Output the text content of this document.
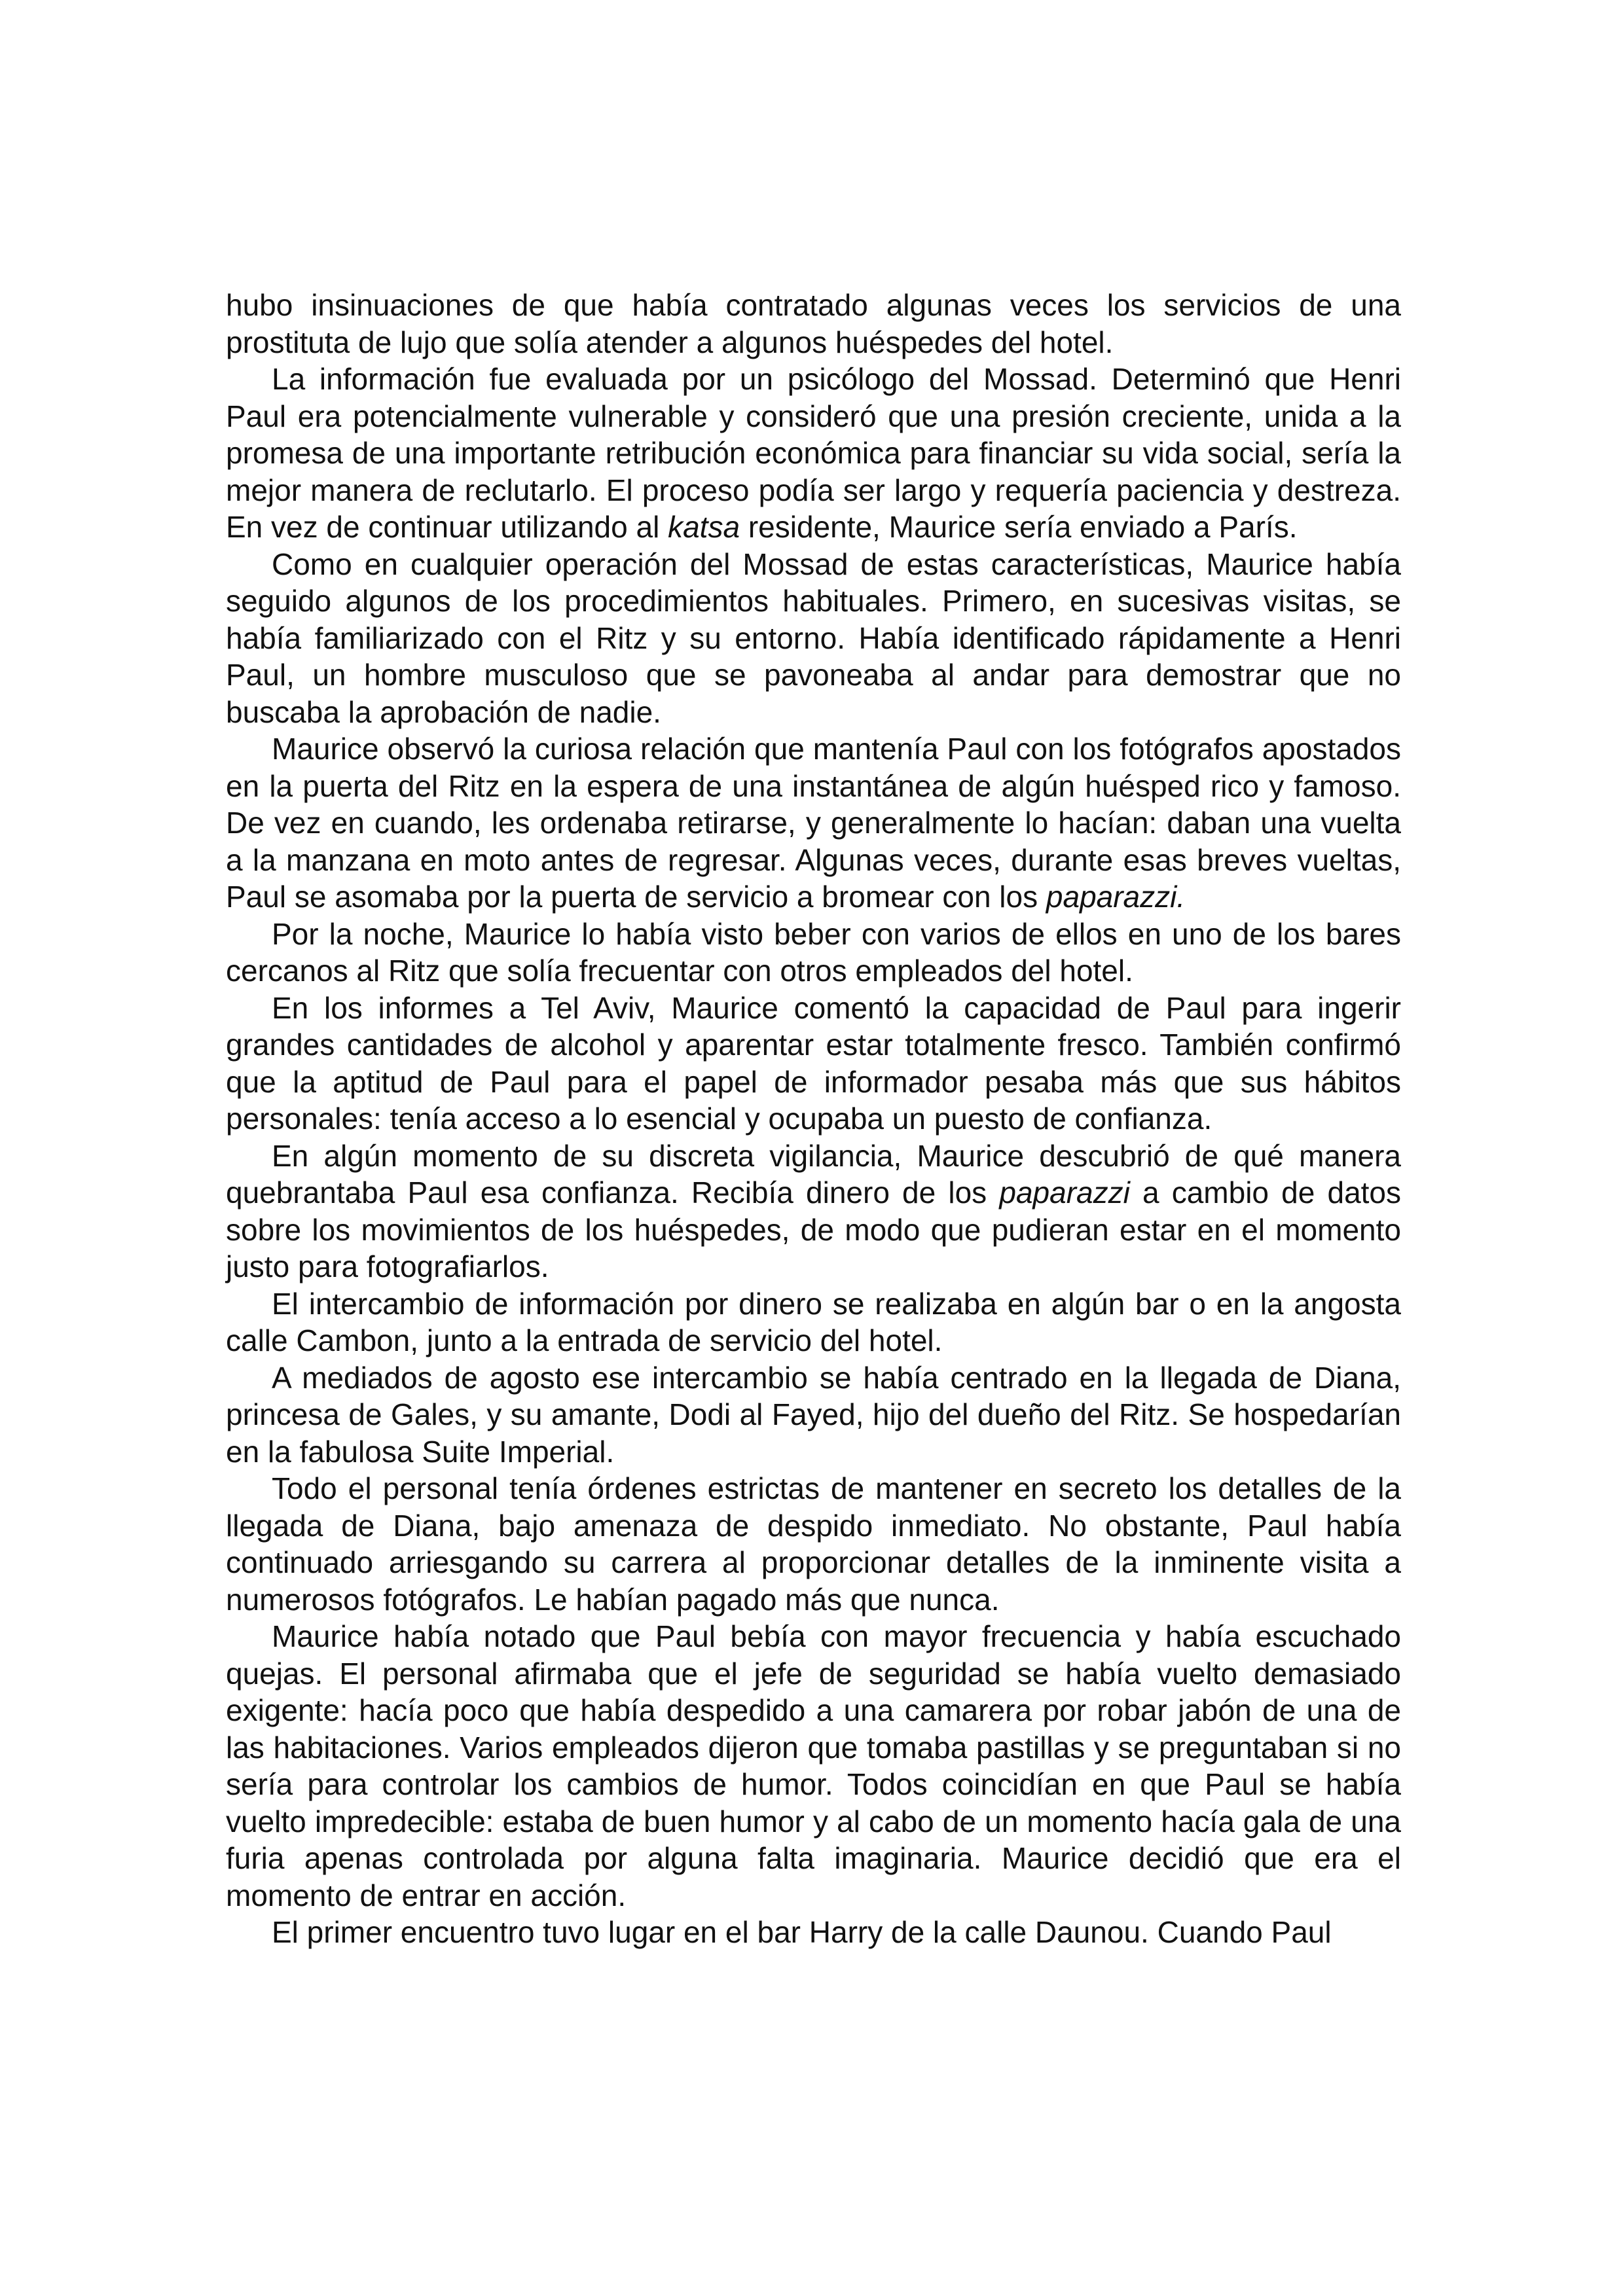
hubo insinuaciones de que había contratado algunas veces los servicios de una prostituta de lujo que solía atender a algunos huéspedes del hotel.

La información fue evaluada por un psicólogo del Mossad. Determinó que Henri Paul era potencialmente vulnerable y consideró que una presión creciente, unida a la promesa de una importante retribución económica para financiar su vida social, sería la mejor manera de reclutarlo. El proceso podía ser largo y requería paciencia y destreza. En vez de continuar utilizando al katsa residente, Maurice sería enviado a París.

Como en cualquier operación del Mossad de estas características, Maurice había seguido algunos de los procedimientos habituales. Primero, en sucesivas visitas, se había familiarizado con el Ritz y su entorno. Había identificado rápidamente a Henri Paul, un hombre musculoso que se pavoneaba al andar para demostrar que no buscaba la aprobación de nadie.

Maurice observó la curiosa relación que mantenía Paul con los fotógrafos apostados en la puerta del Ritz en la espera de una instantánea de algún huésped rico y famoso. De vez en cuando, les ordenaba retirarse, y generalmente lo hacían: daban una vuelta a la manzana en moto antes de regresar. Algunas veces, durante esas breves vueltas, Paul se asomaba por la puerta de servicio a bromear con los paparazzi.

Por la noche, Maurice lo había visto beber con varios de ellos en uno de los bares cercanos al Ritz que solía frecuentar con otros empleados del hotel.

En los informes a Tel Aviv, Maurice comentó la capacidad de Paul para ingerir grandes cantidades de alcohol y aparentar estar totalmente fresco. También confirmó que la aptitud de Paul para el papel de informador pesaba más que sus hábitos personales: tenía acceso a lo esencial y ocupaba un puesto de confianza.

En algún momento de su discreta vigilancia, Maurice descubrió de qué manera quebrantaba Paul esa confianza. Recibía dinero de los paparazzi a cambio de datos sobre los movimientos de los huéspedes, de modo que pudieran estar en el momento justo para fotografiarlos.

El intercambio de información por dinero se realizaba en algún bar o en la angosta calle Cambon, junto a la entrada de servicio del hotel.

A mediados de agosto ese intercambio se había centrado en la llegada de Diana, princesa de Gales, y su amante, Dodi al Fayed, hijo del dueño del Ritz. Se hospedarían en la fabulosa Suite Imperial.

Todo el personal tenía órdenes estrictas de mantener en secreto los detalles de la llegada de Diana, bajo amenaza de despido inmediato. No obstante, Paul había continuado arriesgando su carrera al proporcionar detalles de la inminente visita a numerosos fotógrafos. Le habían pagado más que nunca.

Maurice había notado que Paul bebía con mayor frecuencia y había escuchado quejas. El personal afirmaba que el jefe de seguridad se había vuelto demasiado exigente: hacía poco que había despedido a una camarera por robar jabón de una de las habitaciones. Varios empleados dijeron que tomaba pastillas y se preguntaban si no sería para controlar los cambios de humor. Todos coincidían en que Paul se había vuelto impredecible: estaba de buen humor y al cabo de un momento hacía gala de una furia apenas controlada por alguna falta imaginaria. Maurice decidió que era el momento de entrar en acción.

El primer encuentro tuvo lugar en el bar Harry de la calle Daunou. Cuando Paul
